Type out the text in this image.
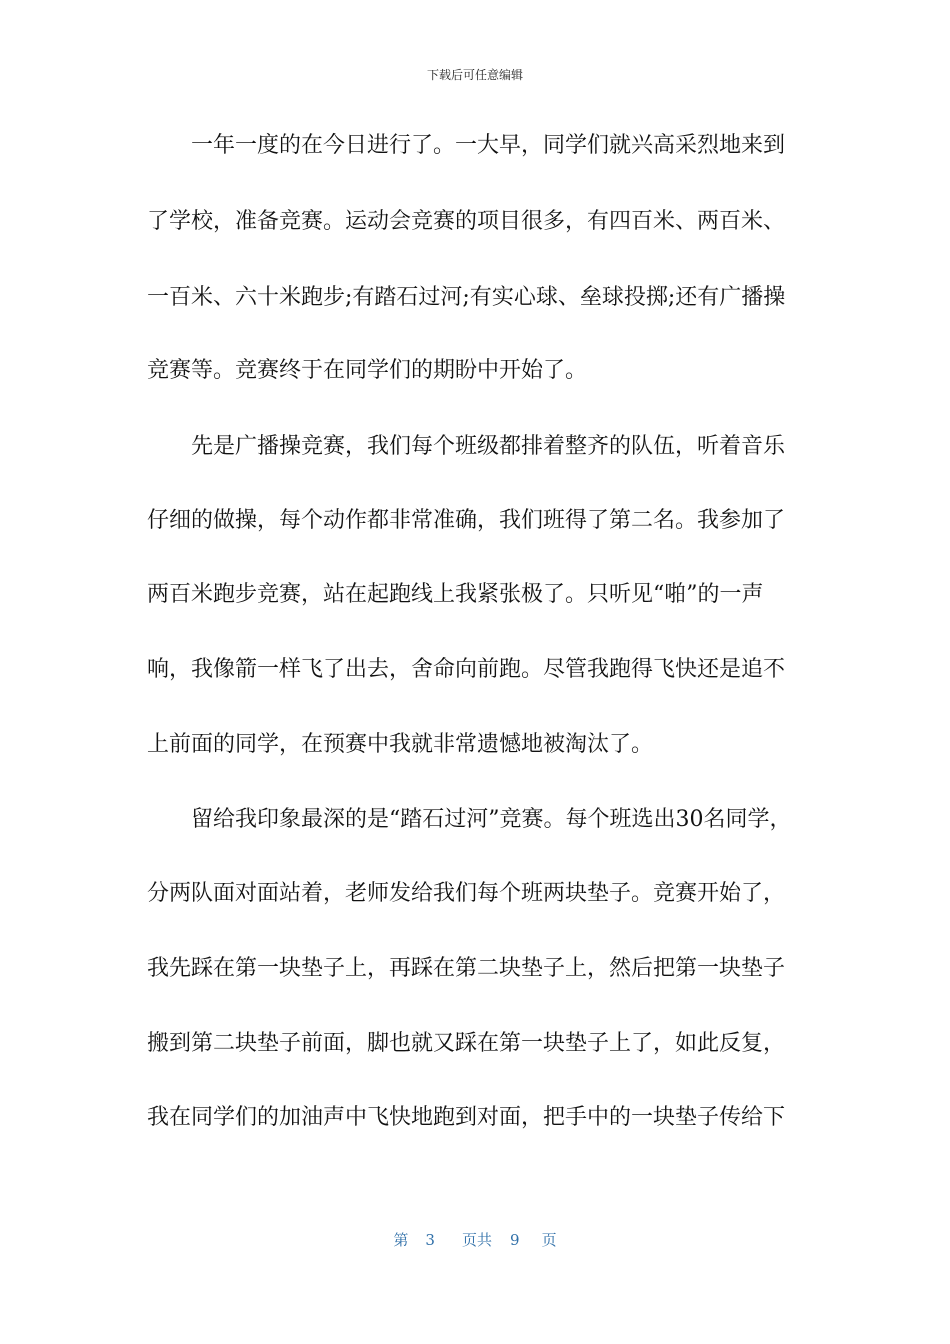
下载后可任意编辑
　　一年一度的在今日进行了。一大早，同学们就兴高采烈地来到
了学校，准备竞赛。运动会竞赛的项目很多，有四百米、两百米、
一百米、六十米跑步;有踏石过河;有实心球、垒球投掷;还有广播操
竞赛等。竞赛终于在同学们的期盼中开始了。
　　先是广播操竞赛，我们每个班级都排着整齐的队伍，听着音乐
仔细的做操，每个动作都非常准确，我们班得了第二名。我参加了
两百米跑步竞赛，站在起跑线上我紧张极了。只听见“啪”的一声
响，我像箭一样飞了出去，舍命向前跑。尽管我跑得飞快还是追不
上前面的同学，在预赛中我就非常遗憾地被淘汰了。
　　留给我印象最深的是“踏石过河”竞赛。每个班选出30名同学，
分两队面对面站着，老师发给我们每个班两块垫子。竞赛开始了，
我先踩在第一块垫子上，再踩在第二块垫子上，然后把第一块垫子
搬到第二块垫子前面，脚也就又踩在第一块垫子上了，如此反复，
我在同学们的加油声中飞快地跑到对面，把手中的一块垫子传给下
第 3 页共 9 页
